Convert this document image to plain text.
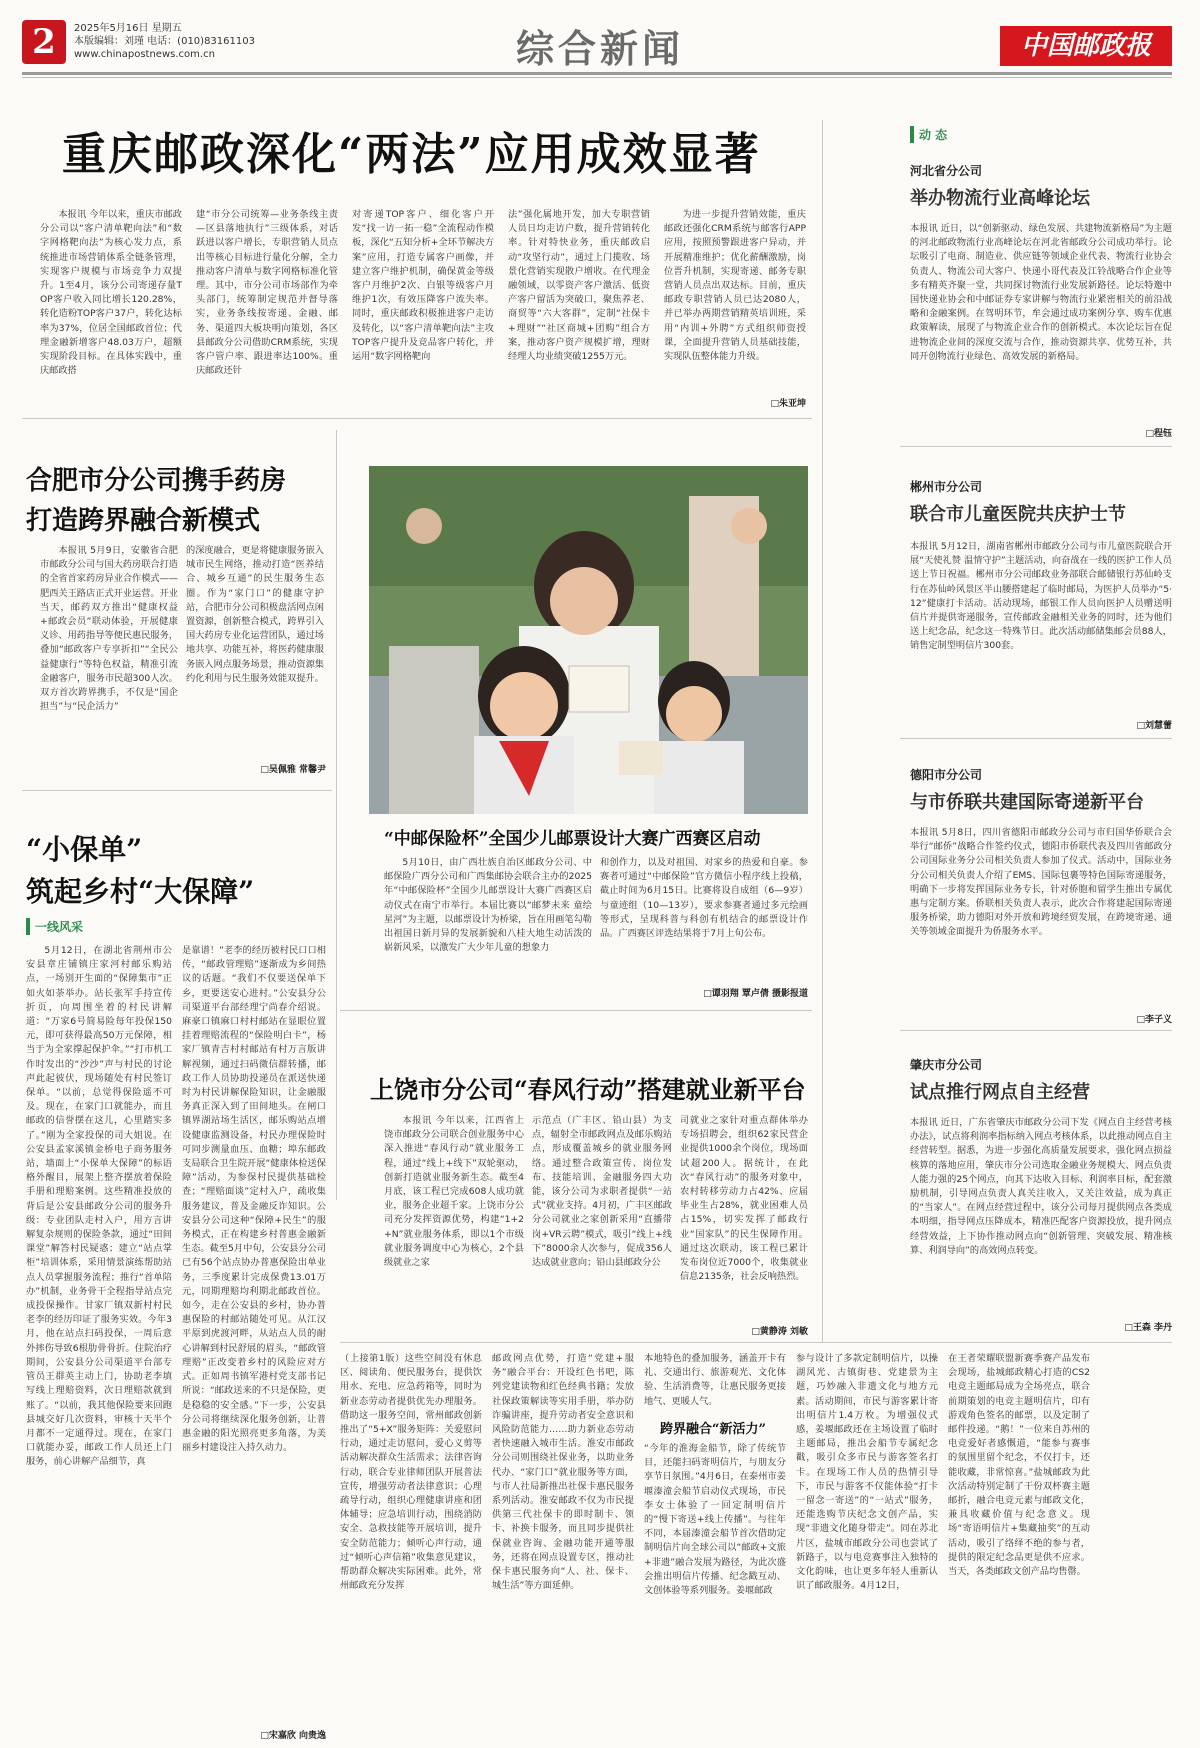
2	2025年5月16日 星期五
本版编辑：刘瑾 电话：(010)83161103
www.chinapostnews.com.cn	综合新闻	中国邮政报
重庆邮政深化“两法”应用成效显著
本报讯 今年以来，重庆市邮政分公司以“客户清单靶向法”和“数字网格靶向法”为核心发力点，系统推进市场营销体系全链条管理，实现客户规模与市场竞争力双提升。1至4月，该分公司寄递存量TOP客户收入同比增长120.28%，转化造粉TOP客户37户，转化达标率为37%，位居全国邮政首位；代理金融新增客户48.03万户，超额实现阶段目标。在具体实践中，重庆邮政搭
建“市分公司统筹—业务条线主责—区县落地执行”三级体系，对话跃进以客户增长，专职营销人员点出等核心目标进行量化分解，全力推动客户清单与数字网格标准化管理。其中，市分公司市场部作为牵头部门，统筹制定规范并督导落实，业务条线按寄递、金融、邮务、渠道四大板块明向策划，各区县邮政分公司借助CRM系统，实现客户管户率、跟进率达100%。重庆邮政还针
对寄递TOP客户、细化客户开发“找一访一拓一稳”全流程动作模板，深化“五知分析+全环节解决方案”应用，打造专属客户画像，并建立客户维护机制，确保黄金等级客户月维护2次、白银等级客户月维护1次，有效压降客户流失率。同时，重庆邮政积极推进客户走访及转化，以“客户清单靶向法”主攻TOP客户提升及竞品客户转化，并运用“数字网格靶向
法”强化属地开发，加大专职营销人员日均走访户数，提升营销转化率。针对特快业务，重庆邮政启动“攻坚行动”，通过上门揽收、场景化营销实现散户增收。在代理金融领域，以零资产客户激活、低资产客户留活为突破口，聚焦养老、商贸等“六大客群”，定制“社保卡+理财”“社区商城+团购”组合方案，推动客户资产规模扩增，理财经理人均业绩突破1255万元。
为进一步提升营销效能，重庆邮政还强化CRM系统与邮客行APP应用，按照预警跟进客户异动，并开展精准维护；优化薪酬激励，岗位晋升机制，实现寄递、邮务专职营销人员点出双达标。目前，重庆邮政专职营销人员已达2080人，并已举办两期营销精英培训班，采用“内训+外聘”方式组织师资授课，全面提升营销人员基础技能，实现队伍整体能力升级。
□朱亚坤
合肥市分公司携手药房
打造跨界融合新模式
本报讯 5月9日，安徽省合肥市邮政分公司与国大药房联合打造的全省首家药房异业合作模式——肥西关王路店正式开业运营。开业当天，邮药双方推出“健康权益+邮政会员”联动体验，开展健康义诊、用药指导等便民惠民服务，叠加“邮政客户专享折扣”“全民公益健康行”等特色权益，精准引流金融客户，服务市民超300人次。双方首次跨界携手，不仅是“国企担当”与“民企活力”
的深度融合，更是将健康服务嵌入城市民生网络，推动打造“医养结合、城乡互通”的民生服务生态圈。作为“家门口”的健康守护站，合肥市分公司积极盘活网点闲置资源，创新整合模式，跨界引入国大药房专业化运营团队，通过场地共享、功能互补，将医药健康服务嵌入网点服务场景，推动资源集约化利用与民生服务效能双提升。
□吴佩雅 常馨尹
“中邮保险杯”全国少儿邮票设计大赛广西赛区启动
5月10日，由广西壮族自治区邮政分公司、中邮保险广西分公司和广西集邮协会联合主办的2025年“中邮保险杯”全国少儿邮票设计大赛广西赛区启动仪式在南宁市举行。本届比赛以“邮梦未来 童绘星河”为主题，以邮票设计为桥梁，旨在用画笔勾勒出祖国日新月异的发展新貌和八桂大地生动活泼的崭新风采，以激发广大少年儿童的想象力
和创作力，以及对祖国、对家乡的热爱和自豪。参赛者可通过“中邮保险”官方微信小程序线上投稿，截止时间为6月15日。比赛将设自成组（6—9岁）与童迹组（10—13岁），要求参赛者通过多元绘画等形式，呈现科普与科创有机结合的邮票设计作品。广西赛区评选结果将于7月上旬公布。
□谭羽翔 覃卢倩 摄影报道
“小保单”
筑起乡村“大保障”
一线风采
5月12日，在湖北省荆州市公安县章庄铺镇庄家河村邮乐购站点，一场别开生面的“保障集市”正如火如荼举办。站长张军手持宣传折页，向周围坐着的村民讲解道：“万家6号简易险每年投保150元，即可获得最高50万元保障，相当于为全家撑起保护伞。”“打市机工作时发出的“沙沙”声与村民的讨论声此起彼伏，现场随处有村民签订保单。“以前，总觉得保险遥不可及。现在，在家门口就能办，而且邮政的信誉摆在这儿，心里踏实多了。”刚为全家投保的司大姐说。在公安县孟家溪镇金桥电子商务服务站，墙面上“小保单大保障”的标语格外醒目，展架上整齐摆放着保险手册和理赔案例。这些精准投放的背后是公安县邮政分公司的服务升级：专业团队走村入户，用方言讲解复杂规则的保险条款，通过“田间课堂”解答村民疑惑；建立“站点掌柜”培训体系，采用情景演练帮助站点人员掌握服务流程；推行“首单陪办”机制，业务骨干全程指导站点完成投保操作。甘家厂镇双新村村民老李的经历印证了服务实效。今年3月，他在站点扫码投保，一周后意外摔伤导致6根肋骨骨折。住院治疗期间，公安县分公司渠道平台部专管员王群英主动上门，协助老李填写线上理赔资料，次日理赔款就到账了。“以前，我其他保险要来回跑县城交好几次资料，审核十天半个月都不一定通得过。现在，在家门口就能办妥，邮政工作人员还上门服务，前心讲解产品细节，真
是靠谱！”老李的经历被村民口口相传，“邮政管理赔”逐渐成为乡间热议的话题。“我们不仅要送保单下乡，更要送安心进村。”公安县分公司渠道平台部经理宁尚春介绍说。麻豪口镇麻口村村邮站在显眼位置挂着理赔流程的“保险明白卡”，杨家厂镇青吉村村邮站有村万言版讲解视频，通过扫码微信群转播，邮政工作人员协助投递员在派送快递时为村民讲解保险知识，让金融服务真正深入到了田间地头。在闸口镇界湖站场生活区，邮乐购站点增设健康监测设备，村民办理保险时可同步测量血压、血糖；埠东邮政支局联合卫生院开展“健康体检送保障”活动，为参保村民提供基础检查；“理赔面谈”定村入户，疏收集服务建议，普及金融反诈知识。公安县分公司这种“保障+民生”的服务模式，正在构建乡村普惠金融新生态。截至5月中旬，公安县分公司已有56个站点协办普惠保险出单业务，三季度累计完成保费13.01万元，同期理赔均利期北邮政首位。如今，走在公安县的乡村，协办普惠保险的村邮站随处可见。从江汉平原到虎渡河畔，从站点人员的耐心讲解到村民舒展的眉头，“邮政管理赔”正改变着乡村的风险应对方式。正如周书镇军港村党支部书记所说：“邮政送来的不只是保险，更是稳稳的安全感。”下一步，公安县分公司将继续深化服务创新，让普惠金融的阳光照亮更多角落，为美丽乡村建设注入持久动力。
□宋嘉欣 向贵逸
上饶市分公司“春风行动”搭建就业新平台
本报讯 今年以来，江西省上饶市邮政分公司联合创业服务中心深入推进“春风行动”就业服务工程，通过“线上+线下”双轮驱动，创新打造就业服务新生态。截至4月底，该工程已完成608人成功就业，服务企业超千家。上饶市分公司充分发挥资源优势，构建“1+2+N”就业服务体系，即以1个市级就业服务调度中心为核心，2个县级就业之家
示范点（广丰区、铅山县）为支点，辐射全市邮政网点及邮乐购站点，形成覆盖城乡的就业服务网络。通过整合政策宣传、岗位发布、技能培训、金融服务四大功能，该分公司为求职者提供“一站式”就业支持。4月初，广丰区邮政分公司就业之家创新采用“直播带岗+VR云聘”模式，吸引“线上+线下”8000余人次参与，促成356人达成就业意向；铅山县邮政分公
司就业之家针对重点群体举办专场招聘会，组织62家民营企业提供1000余个岗位，现场面试超200人。据统计，在此次“春风行动”的服务对象中，农村转移劳动力占42%、应届毕业生占28%，就业困难人员占15%，切实发挥了邮政行业“国家队”的民生保障作用。通过这次联动，该工程已累计发布岗位近7000个，收集就业信息2135条，社会反响热烈。
□黄静涛 刘敏
（上接第1版）这些空间没有休息区、阅读角、便民服务台，提供饮用水、充电、应急药箱等，同时为新业态劳动者提供优先办理服务。借助这一服务空间，常州邮政创新推出了“5+X”服务矩阵：关爱慰问行动，通过走访慰问，爱心义剪等活动解决群众生活需求；法律咨询行动，联合专业律师团队开展普法宣传，增强劳动者法律意识；心理疏导行动，组织心理健康讲座和团体辅导；应急培训行动，围绕消防安全、急救技能等开展培训，提升安全防范能力；倾听心声行动，通过“倾听心声信箱”收集意见建议，帮助群众解决实际困难。此外，常州邮政充分发挥
邮政网点优势，打造“党建+服务”融合平台：开设红色书吧，陈列党建读物和红色经典书籍；发放社保政策解读等实用手册，举办防诈骗讲座，提升劳动者安全意识和风险防范能力……助力新业态劳动者快速融入城市生活。淮安市邮政分公司则围绕社保业务，以助业务代办、“家门口”就业服务等方面，与市人社局新推出社保卡惠民服务系列活动。淮安邮政不仅为市民提供第三代社保卡的即时制卡、领卡、补换卡服务，而且同步提供社保就业咨询、金融功能开通等服务，还将在网点设置专区，推动社保卡惠民服务向“人、社、保卡、城生活”等方面延伸。
本地特色的叠加服务，涵盖开卡有礼、交通出行、旅游观光、文化体验、生活消费等，让惠民服务更接地气、更暖人气。
跨界融合“新活力”
“今年的淮海金船节，除了传统节目，还能扫码寄明信片，与朋友分享节日氛围。”4月6日，在泰州市姜堰溱潼会船节启动仪式现场，市民李女士体验了一回定制明信片的“慢下寄送+线上传播”。与往年不同，本届溱潼会船节首次借助定制明信片向全球公司以“邮政+文旅+非遗”融合发展为路径，为此次盛会推出明信片传播、纪念戳互动、文创体验等系列服务。姜堰邮政
参与设计了多款定制明信片，以操湖风光、古镇街巷、党建景为主题，巧妙融入非遗文化与地方元素。活动期间，市民与游客累计寄出明信片1.4万枚。为增强仪式感，姜堰邮政还在主场设置了临时主题邮局，推出会船节专属纪念戳，吸引众多市民与游客签名打卡。在现场工作人员的热情引导下，市民与游客不仅能体验“打卡一留念一寄送”的“一站式”服务，还能选购节庆纪念文创产品，实现“非遗文化随身带走”。同在苏北片区，盐城市邮政分公司也尝试了新路子，以与电竞赛事注入独特的文化韵味，也让更多年轻人重新认识了邮政服务。4月12日，
在王者荣耀联盟新赛季赛产品发布会现场，盐城邮政精心打造的CS2电竞主题邮局成为全场亮点，联合前期策划的电竞主题明信片，印有游戏角色签名的邮票，以及定制了邮件投递。“鹅！”一位来自苏州的电竞爱好者感慨道，“能参与赛事的氛围里留个纪念，不仅打卡，还能收藏，非常惊喜。”盐城邮政为此次活动特别定制了干份双杯赛主题邮折，融合电竞元素与邮政文化，兼具收藏价值与纪念意义。现场“寄语明信片+集藏抽奖”的互动活动，吸引了络绎不绝的参与者，提供的限定纪念品更是供不应求。当天，各类邮政文创产品均售罄。
动 态
河北省分公司
举办物流行业高峰论坛
本报讯 近日，以“创新驱动、绿色发展、共建物流新格局”为主题的河北邮政物流行业高峰论坛在河北省邮政分公司成功举行。论坛吸引了电商、制造业、供应链等领域企业代表、物流行业协会负责人、物流公司大客户、快递小哥代表及江铃战略合作企业等多有精英齐聚一堂，共同探讨物流行业发展新路径。论坛特邀中国快递业协会和中邮证券专家讲解与物流行业紧密相关的前沿战略和金融案例。在驾明环节，牟会通过成功案例分享、购车优惠政策解读，展现了与物流企业合作的创新模式。本次论坛旨在促进物流企业间的深度交流与合作，推动资源共享、优势互补，共同开创物流行业绿色、高效发展的新格局。
□程钰
郴州市分公司
联合市儿童医院共庆护士节
本报讯 5月12日，湖南省郴州市邮政分公司与市儿童医院联合开展“天使礼赞 温情守护”主题活动，向奋战在一线的医护工作人员送上节日祝福。郴州市分公司邮政业务部联合邮储银行苏仙岭支行在苏仙岭风景区半山腰搭建起了临时邮局，为医护人员举办“5·12”健康打卡活动。活动现场，邮银工作人员向医护人员赠送明信片并提供寄递服务，宣传邮政金融相关业务的同时，还为他们送上纪念品，纪念这一特殊节日。此次活动邮储集邮会员88人，销售定制型明信片300套。
□刘慧蕾
德阳市分公司
与市侨联共建国际寄递新平台
本报讯 5月8日，四川省德阳市邮政分公司与市归国华侨联合会举行“邮侨”战略合作签约仪式，德阳市侨联代表及四川省邮政分公司国际业务分公司相关负责人参加了仪式。活动中，国际业务分公司相关负责人介绍了EMS、国际包裹等特色国际寄递服务，明确下一步将发挥国际业务专长，针对侨胞和留学生推出专属优惠与定制方案。侨联相关负责人表示，此次合作将建起国际寄递服务桥梁，助力德阳对外开放和跨境经贸发展，在跨境寄递、通关等领域金面提升为侨服务水平。
□李子义
肇庆市分公司
试点推行网点自主经营
本报讯 近日，广东省肇庆市邮政分公司下发《网点自主经营考核办法》，试点将利润率指标纳入网点考核体系，以此推动网点自主经营转型。据悉，为进一步强化高质量发展要求，强化网点损益核算的落地应用，肇庆市分公司选取金融业务规模大、网点负责人能力强的25个网点，向其下达收入目标、利润率目标，配套激励机制，引导网点负责人真关注收入，又关注效益，成为真正的“当家人”。在网点经营过程中，该分公司每月提供网点各类成本明细，指导网点压降成本，精准匹配客户资源投放，提升网点经营效益，上下协作推动网点向“创新管理、突破发展、精准核算、利润导向”的高效网点转变。
□王森 李丹
